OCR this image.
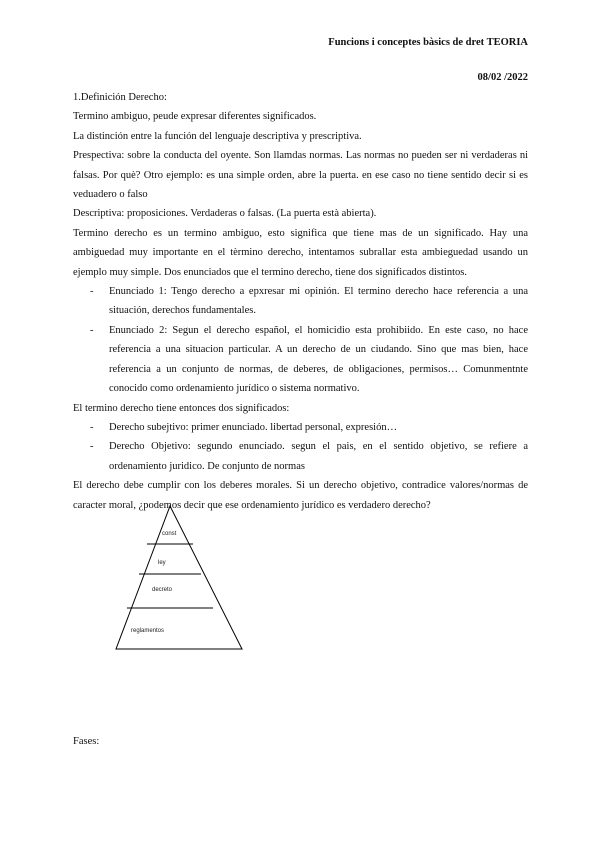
Funcions i conceptes bàsics de dret TEORIA
08/02 /2022

1.Definición Derecho:

Termino ambiguo, peude expresar diferentes significados.

La distinción entre la función del lenguaje descriptiva y prescriptiva.

Prespectiva: sobre la conducta del oyente. Son llamdas normas. Las normas no pueden ser ni verdaderas ni falsas. Por què? Otro ejemplo: es una simple orden, abre la puerta. en ese caso no tiene sentido decir si es veduadero o falso

Descriptiva: proposiciones. Verdaderas o falsas. (La puerta està abierta).

Termino derecho es un termino ambiguo, esto significa que tiene mas de un significado. Hay una ambiguedad muy importante en el tèrmino derecho, intentamos subrallar esta ambieguedad usando un ejemplo muy simple. Dos enunciados que el termino derecho, tiene dos significados distintos.

- Enunciado 1: Tengo derecho a epxresar mi opinión. El termino derecho hace referencia a una situación, derechos fundamentales.
- Enunciado 2: Segun el derecho español, el homicidio esta prohibiido. En este caso, no hace referencia a una situacion particular. A un derecho de un ciudando. Sino que mas bien, hace referencia a un conjunto de normas, de deberes, de obligaciones, permisos… Comunmentnte conocido como ordenamiento jurídico o sistema normativo.

El termino derecho tiene entonces dos significados:

- Derecho subejtivo: primer enunciado. libertad personal, expresión…
- Derecho Objetivo: segundo enunciado. segun el pais, en el sentido objetivo, se refiere a ordenamiento juridico. De conjunto de normas

El derecho debe cumplir con los deberes morales. Si un derecho objetivo, contradice valores/normas de caracter moral, ¿podemos decir que ese ordenamiento jurídico es verdadero derecho?

const
ley
decreto
reglamentos
Fases:
